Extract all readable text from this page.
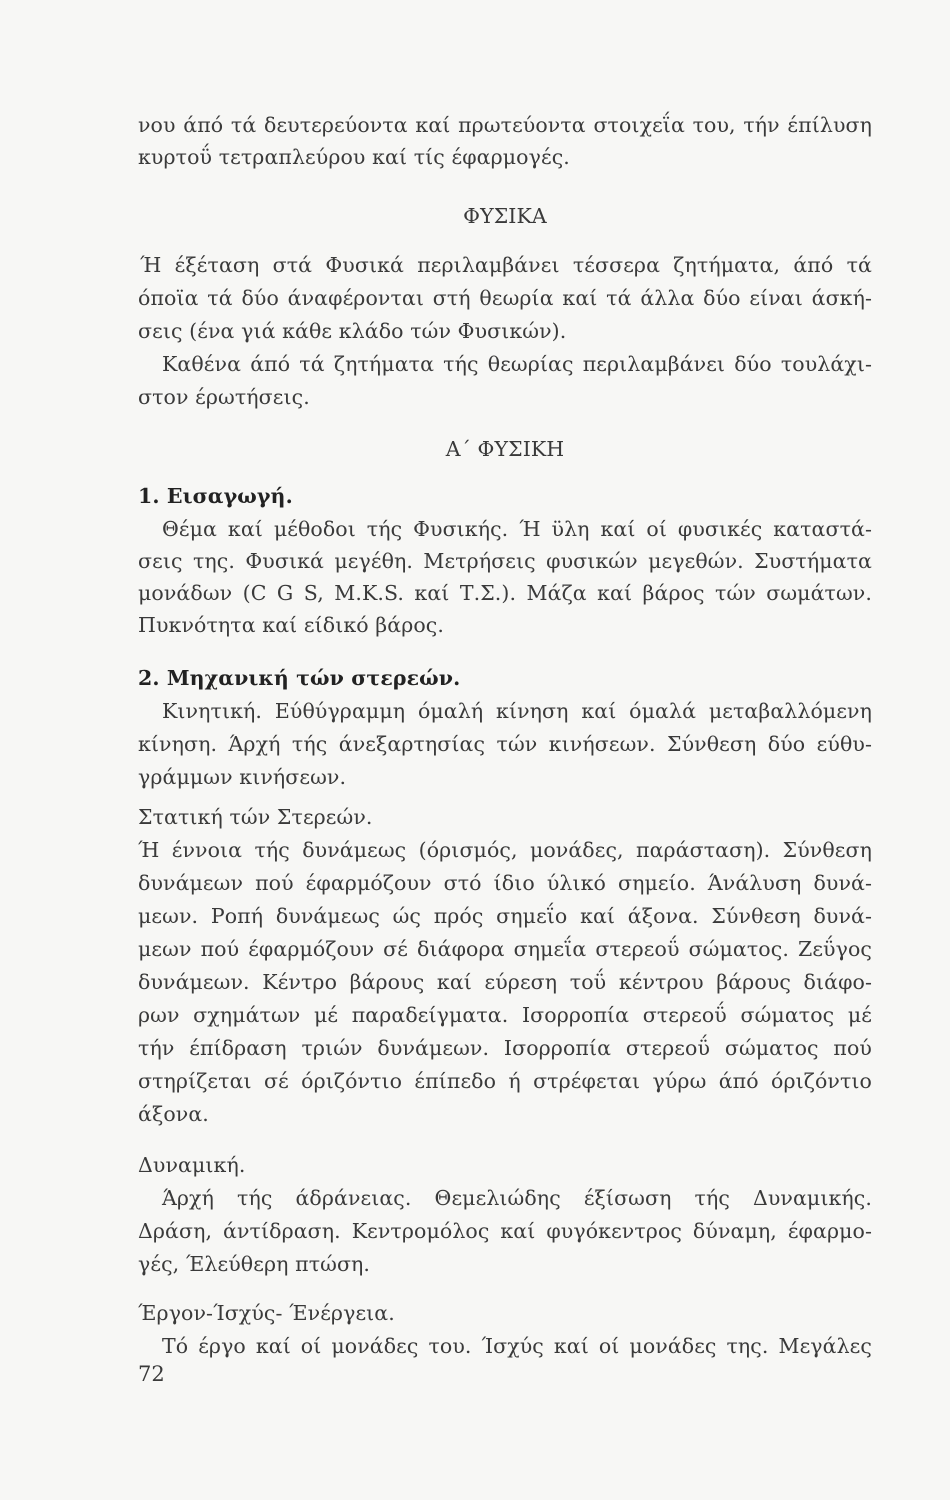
νου άπό τά δευτερεύοντα καί πρωτεύοντα στοιχεΐα του, τήν έπίλυση
κυρτοΰ τετραπλεύρου καί τίς έφαρμογές.
ΦΥΣΙΚΑ
Ή έξέταση στά Φυσικά περιλαμβάνει τέσσερα ζητήματα, άπό τά
όποϊα τά δύο άναφέρονται στή θεωρία καί τά άλλα δύο είναι άσκή-
σεις (ένα γιά κάθε κλάδο τών Φυσικών).
Καθένα άπό τά ζητήματα τής θεωρίας περιλαμβάνει δύο τουλάχι-
στον έρωτήσεις.
Α΄ ΦΥΣΙΚΗ
1. Εισαγωγή.
Θέμα καί μέθοδοι τής Φυσικής. Ή ϋλη καί οί φυσικές καταστά-
σεις της. Φυσικά μεγέθη. Μετρήσεις φυσικών μεγεθών. Συστήματα
μονάδων (C G S, M.K.S. καί Τ.Σ.). Μάζα καί βάρος τών σωμάτων.
Πυκνότητα καί είδικό βάρος.
2. Μηχανική τών στερεών.
Κινητική. Εύθύγραμμη όμαλή κίνηση καί όμαλά μεταβαλλόμενη
κίνηση. Άρχή τής άνεξαρτησίας τών κινήσεων. Σύνθεση δύο εύθυ-
γράμμων κινήσεων.
Στατική τών Στερεών.
Ή έννοια τής δυνάμεως (όρισμός, μονάδες, παράσταση). Σύνθεση
δυνάμεων πού έφαρμόζουν στό ίδιο ύλικό σημείο. Άνάλυση δυνά-
μεων. Ροπή δυνάμεως ώς πρός σημεΐο καί άξονα. Σύνθεση δυνά-
μεων πού έφαρμόζουν σέ διάφορα σημεΐα στερεοΰ σώματος. Ζεΰγος
δυνάμεων. Κέντρο βάρους καί εύρεση τοΰ κέντρου βάρους διάφο-
ρων σχημάτων μέ παραδείγματα. Ισορροπία στερεοΰ σώματος μέ
τήν έπίδραση τριών δυνάμεων. Ισορροπία στερεοΰ σώματος πού
στηρίζεται σέ όριζόντιο έπίπεδο ή στρέφεται γύρω άπό όριζόντιο
άξονα.
Δυναμική.
Άρχή τής άδράνειας. Θεμελιώδης έξίσωση τής Δυναμικής.
Δράση, άντίδραση. Κεντρομόλος καί φυγόκεντρος δύναμη, έφαρμο-
γές, Έλεύθερη πτώση.
Έργον-Ίσχύς- Ένέργεια.
Τό έργο καί οί μονάδες του. Ίσχύς καί οί μονάδες της. Μεγάλες
72
